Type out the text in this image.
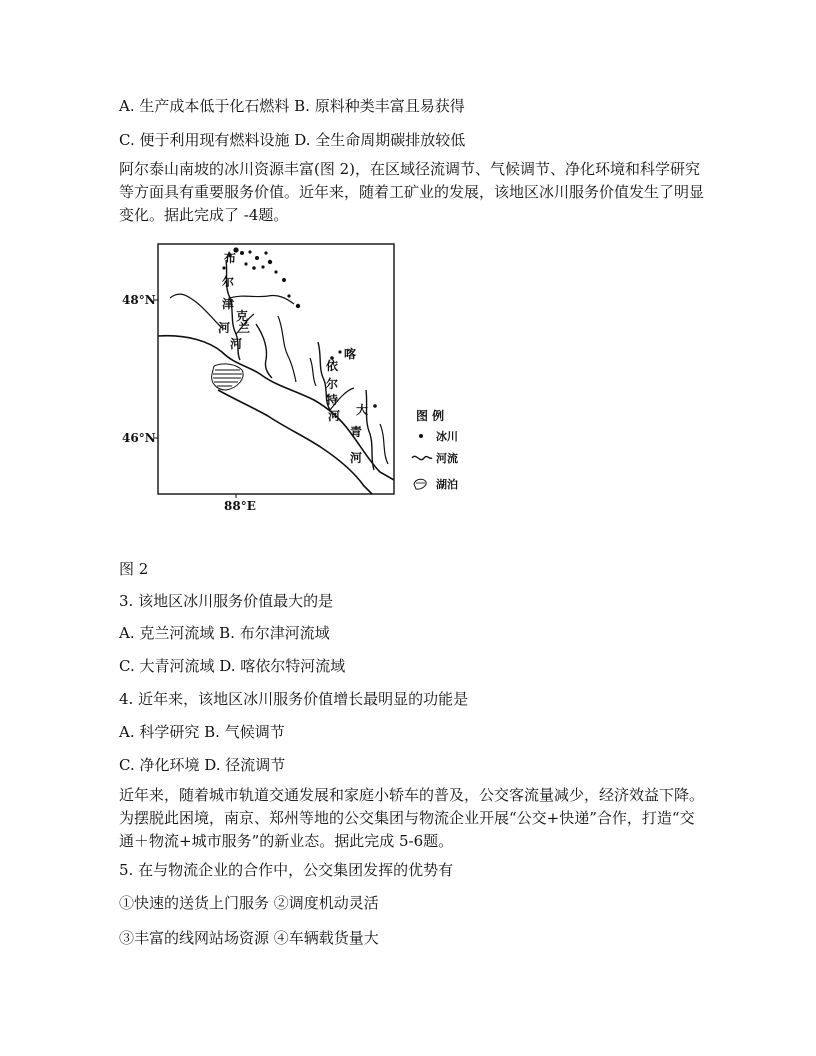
A. 生产成本低于化石燃料 B. 原料种类丰富且易获得
C. 便于利用现有燃料设施 D. 全生命周期碳排放较低
阿尔泰山南坡的冰川资源丰富(图 2)，在区域径流调节、气候调节、净化环境和科学研究等方面具有重要服务价值。近年来，随着工矿业的发展，该地区冰川服务价值发生了明显变化。据此完成了 -4题。
48°N
46°N
88°E
布
尔
津
河
克
兰
河
喀
依
尔
特
河 大
青
河
图 例
冰川
河流
湖泊
图 2
3. 该地区冰川服务价值最大的是
A. 克兰河流域 B. 布尔津河流域
C. 大青河流域 D. 喀依尔特河流域
4. 近年来，该地区冰川服务价值增长最明显的功能是
A. 科学研究 B. 气候调节
C. 净化环境 D. 径流调节
近年来，随着城市轨道交通发展和家庭小轿车的普及，公交客流量减少，经济效益下降。 为摆脱此困境，南京、郑州等地的公交集团与物流企业开展“公交+快递”合作，打造“交通＋物流+城市服务”的新业态。据此完成 5-6题。
5. 在与物流企业的合作中，公交集团发挥的优势有
①快速的送货上门服务 ②调度机动灵活
③丰富的线网站场资源 ④车辆载货量大
